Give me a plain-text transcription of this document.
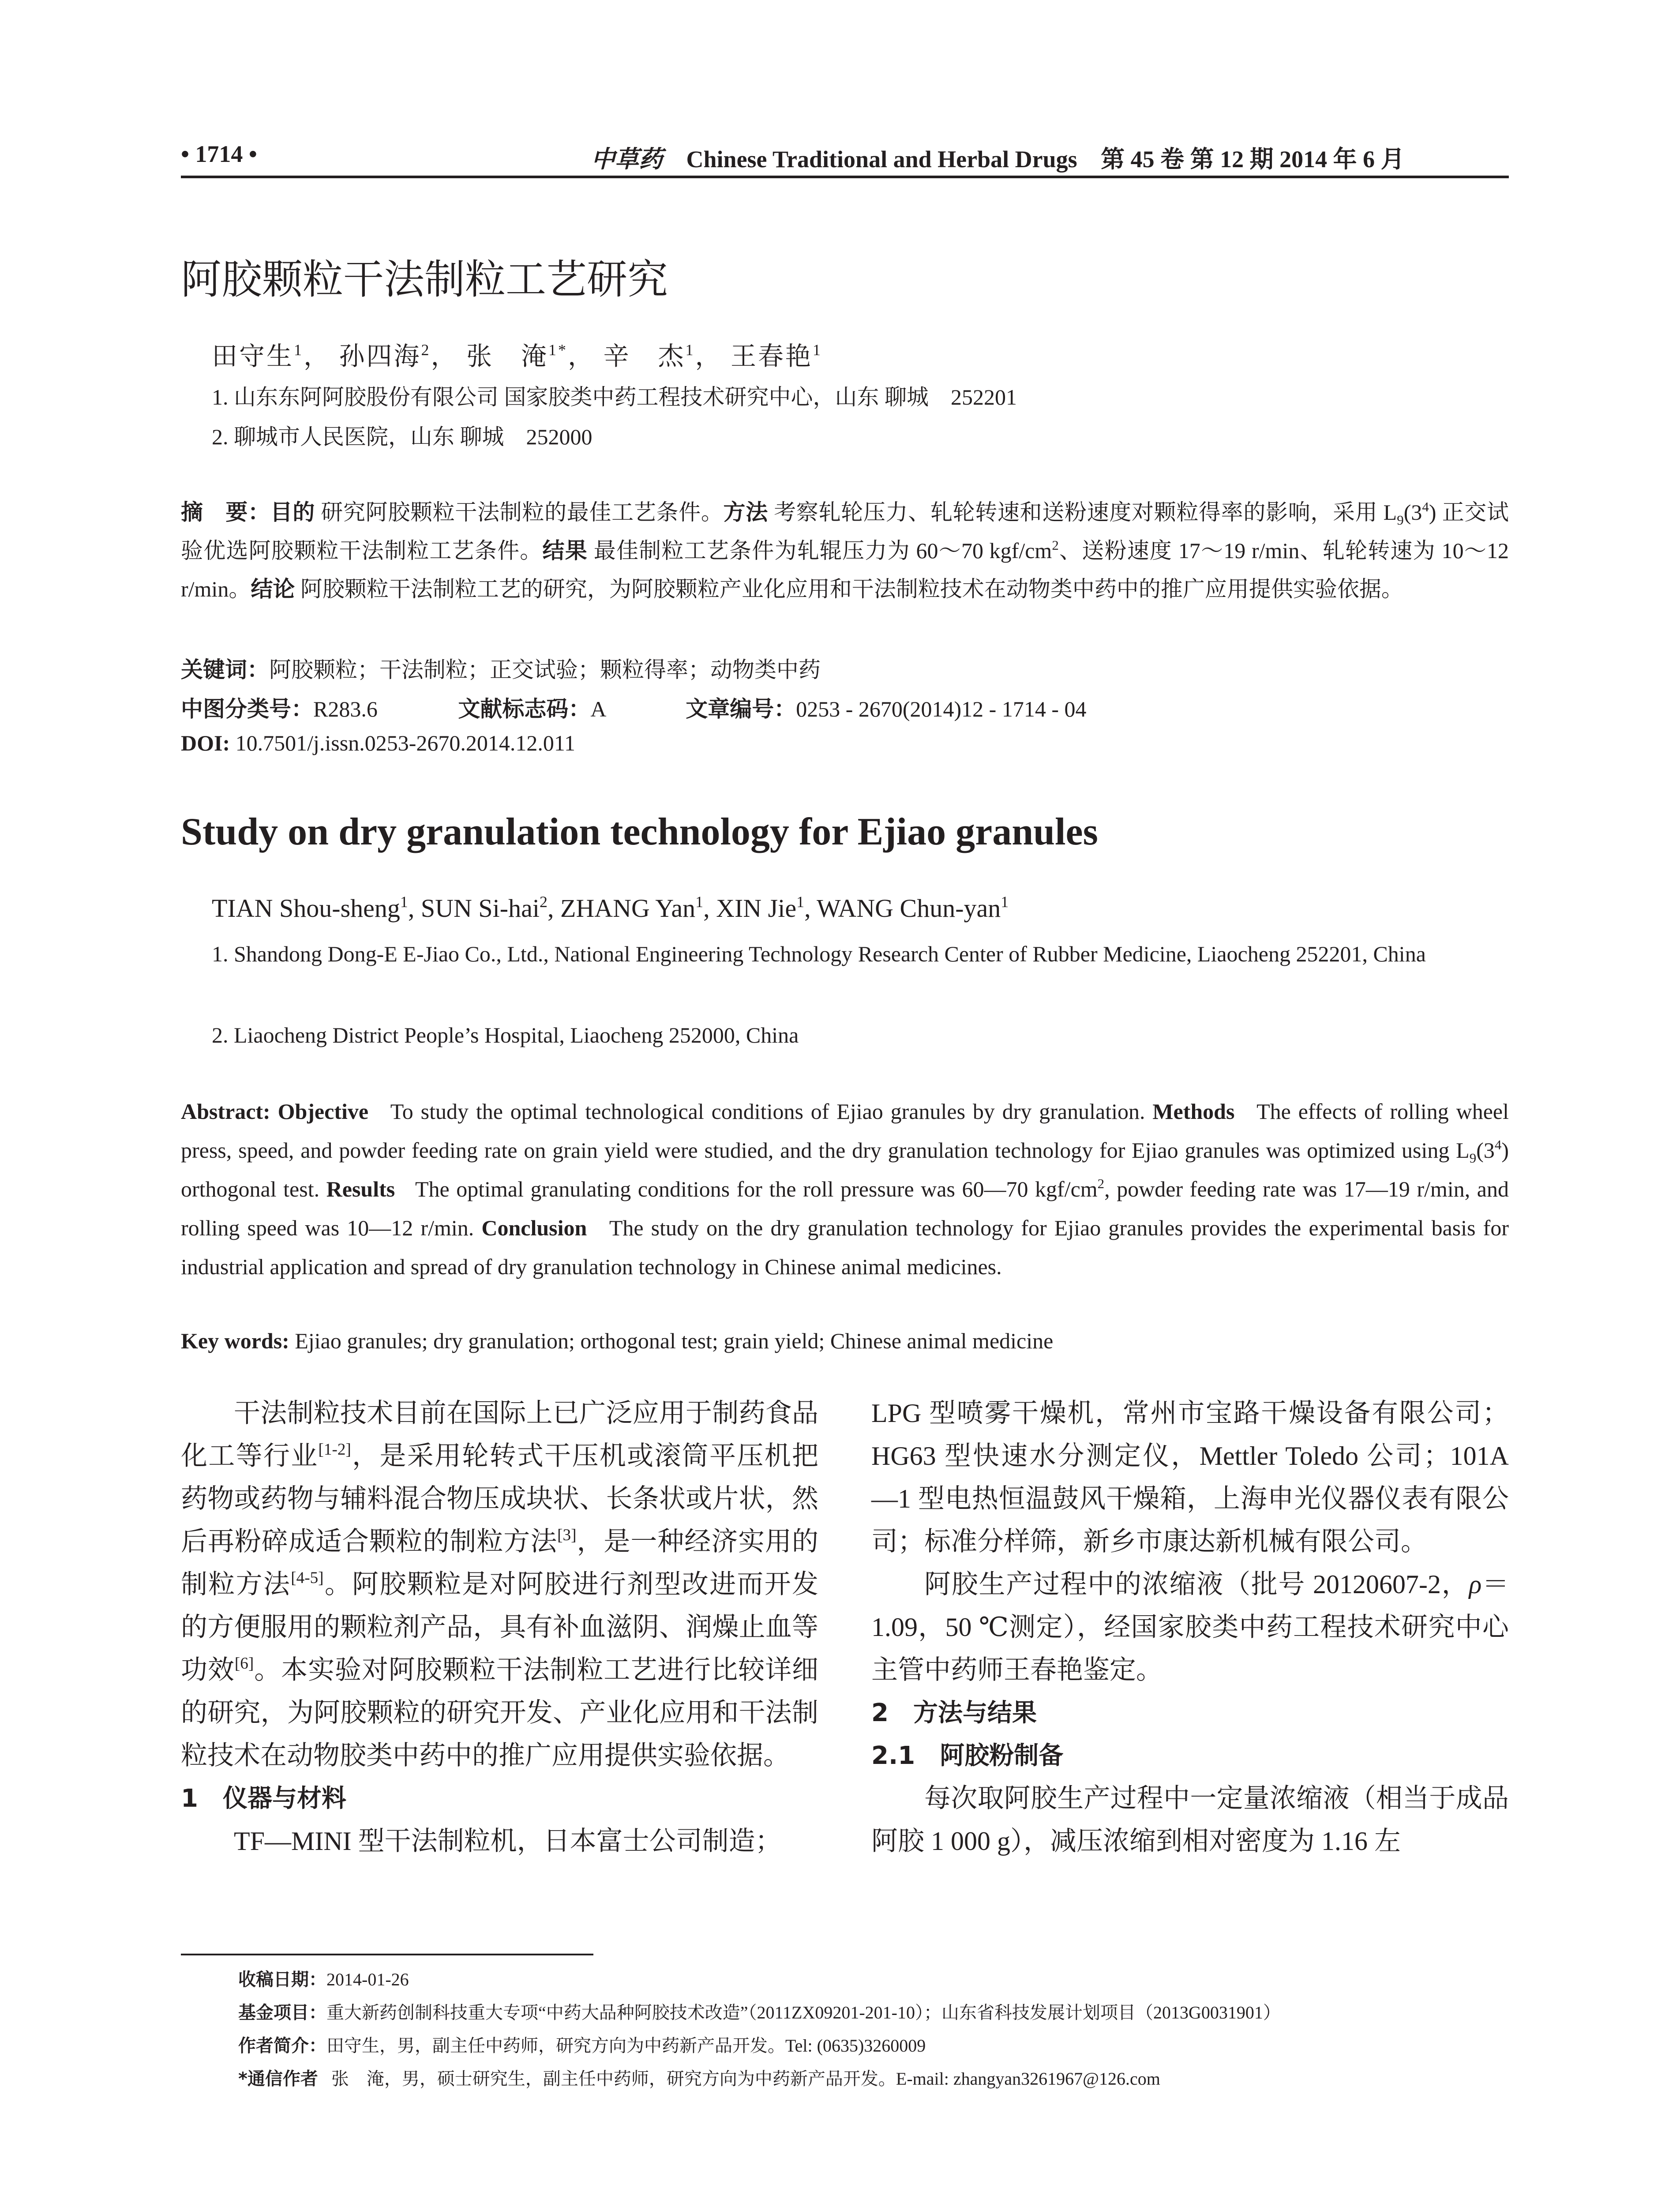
• 1714 •	中草药 Chinese Traditional and Herbal Drugs 第 45 卷 第 12 期 2014 年 6 月
阿胶颗粒干法制粒工艺研究
田守生$^1$， 孙四海$^2$， 张　淹$^{1*}$， 辛　杰$^1$， 王春艳$^1$
1. 山东东阿阿胶股份有限公司 国家胶类中药工程技术研究中心，山东 聊城　252201
2. 聊城市人民医院，山东 聊城　252000
摘　要：目的 研究阿胶颗粒干法制粒的最佳工艺条件。方法 考察轧轮压力、轧轮转速和送粉速度对颗粒得率的影响，采用 $L_9(3^4)$ 正交试验优选阿胶颗粒干法制粒工艺条件。结果 最佳制粒工艺条件为轧辊压力为 60～70 kgf/$cm^2$、送粉速度 17～19 r/min、轧轮转速为 10～12 r/min。结论 阿胶颗粒干法制粒工艺的研究，为阿胶颗粒产业化应用和干法制粒技术在动物类中药中的推广应用提供实验依据。
关键词：阿胶颗粒；干法制粒；正交试验；颗粒得率；动物类中药
中图分类号：R283.6	文献标志码：A	文章编号：0253 - 2670(2014)12 - 1714 - 04
DOI: 10.7501/j.issn.0253-2670.2014.12.011
Study on dry granulation technology for Ejiao granules
TIAN Shou-sheng$^1$, SUN Si-hai$^2$, ZHANG Yan$^1$, XIN Jie$^1$, WANG Chun-yan$^1$
1. Shandong Dong-E E-Jiao Co., Ltd., National Engineering Technology Research Center of Rubber Medicine, Liaocheng 252201, China
2. Liaocheng District People’s Hospital, Liaocheng 252000, China
Abstract: Objective To study the optimal technological conditions of Ejiao granules by dry granulation. Methods The effects of rolling wheel press, speed, and powder feeding rate on grain yield were studied, and the dry granulation technology for Ejiao granules was optimized using $L_9(3^4)$ orthogonal test. Results The optimal granulating conditions for the roll pressure was 60—70 kgf/$cm^2$, powder feeding rate was 17—19 r/min, and rolling speed was 10—12 r/min. Conclusion The study on the dry granulation technology for Ejiao granules provides the experimental basis for industrial application and spread of dry granulation technology in Chinese animal medicines.
Key words: Ejiao granules; dry granulation; orthogonal test; grain yield; Chinese animal medicine

干法制粒技术目前在国际上已广泛应用于制药食品化工等行业[1-2]，是采用轮转式干压机或滚筒平压机把药物或药物与辅料混合物压成块状、长条状或片状，然后再粉碎成适合颗粒的制粒方法[3]，是一种经济实用的制粒方法[4-5]。阿胶颗粒是对阿胶进行剂型改进而开发的方便服用的颗粒剂产品，具有补血滋阴、润燥止血等功效[6]。本实验对阿胶颗粒干法制粒工艺进行比较详细的研究，为阿胶颗粒的研究开发、产业化应用和干法制粒技术在动物胶类中药中的推广应用提供实验依据。

1　仪器与材料

TF—MINI 型干法制粒机，日本富士公司制造；

LPG 型喷雾干燥机，常州市宝路干燥设备有限公司；HG63 型快速水分测定仪，Mettler Toledo 公司；101A—1 型电热恒温鼓风干燥箱，上海申光仪器仪表有限公司；标准分样筛，新乡市康达新机械有限公司。

阿胶生产过程中的浓缩液（批号 20120607-2，ρ＝1.09，50 ℃测定），经国家胶类中药工程技术研究中心主管中药师王春艳鉴定。

2　方法与结果

2.1　阿胶粉制备

每次取阿胶生产过程中一定量浓缩液（相当于成品阿胶 1 000 g），减压浓缩到相对密度为 1.16 左

收稿日期：2014-01-26
基金项目：重大新药创制科技重大专项“中药大品种阿胶技术改造”（2011ZX09201-201-10）；山东省科技发展计划项目（2013G0031901）
作者简介：田守生，男，副主任中药师，研究方向为中药新产品开发。Tel: (0635)3260009
*通信作者 张　淹，男，硕士研究生，副主任中药师，研究方向为中药新产品开发。E-mail: zhangyan3261967@126.com
